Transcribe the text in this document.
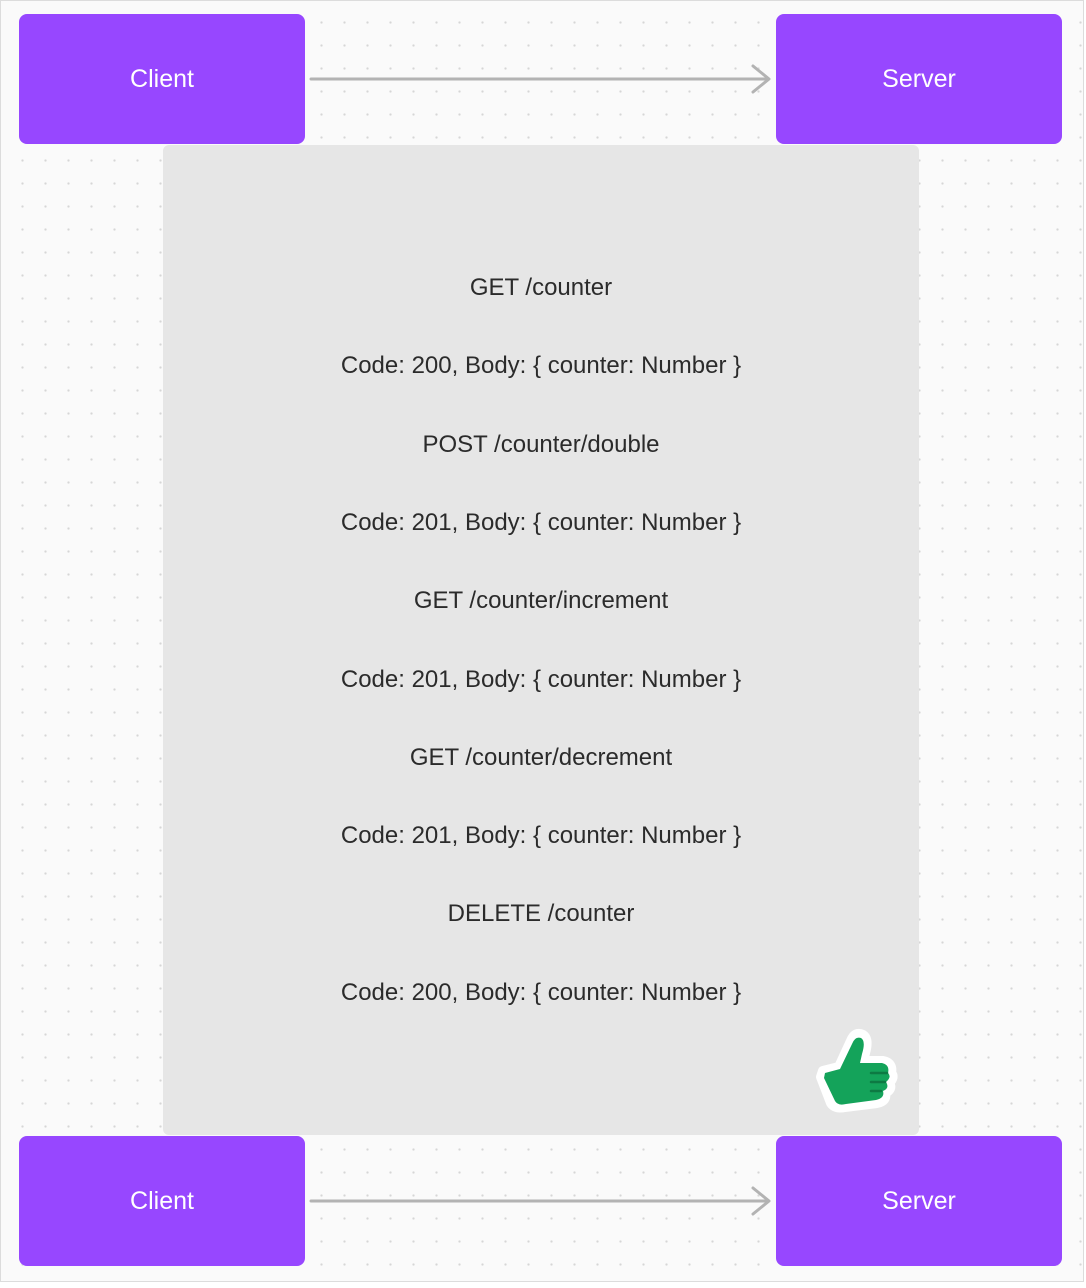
Client	Server
GET /counter
Code: 200, Body: { counter: Number }
POST /counter/double
Code: 201, Body: { counter: Number }
GET /counter/increment
Code: 201, Body: { counter: Number }
GET /counter/decrement
Code: 201, Body: { counter: Number }
DELETE /counter
Code: 200, Body: { counter: Number }
Client	Server
